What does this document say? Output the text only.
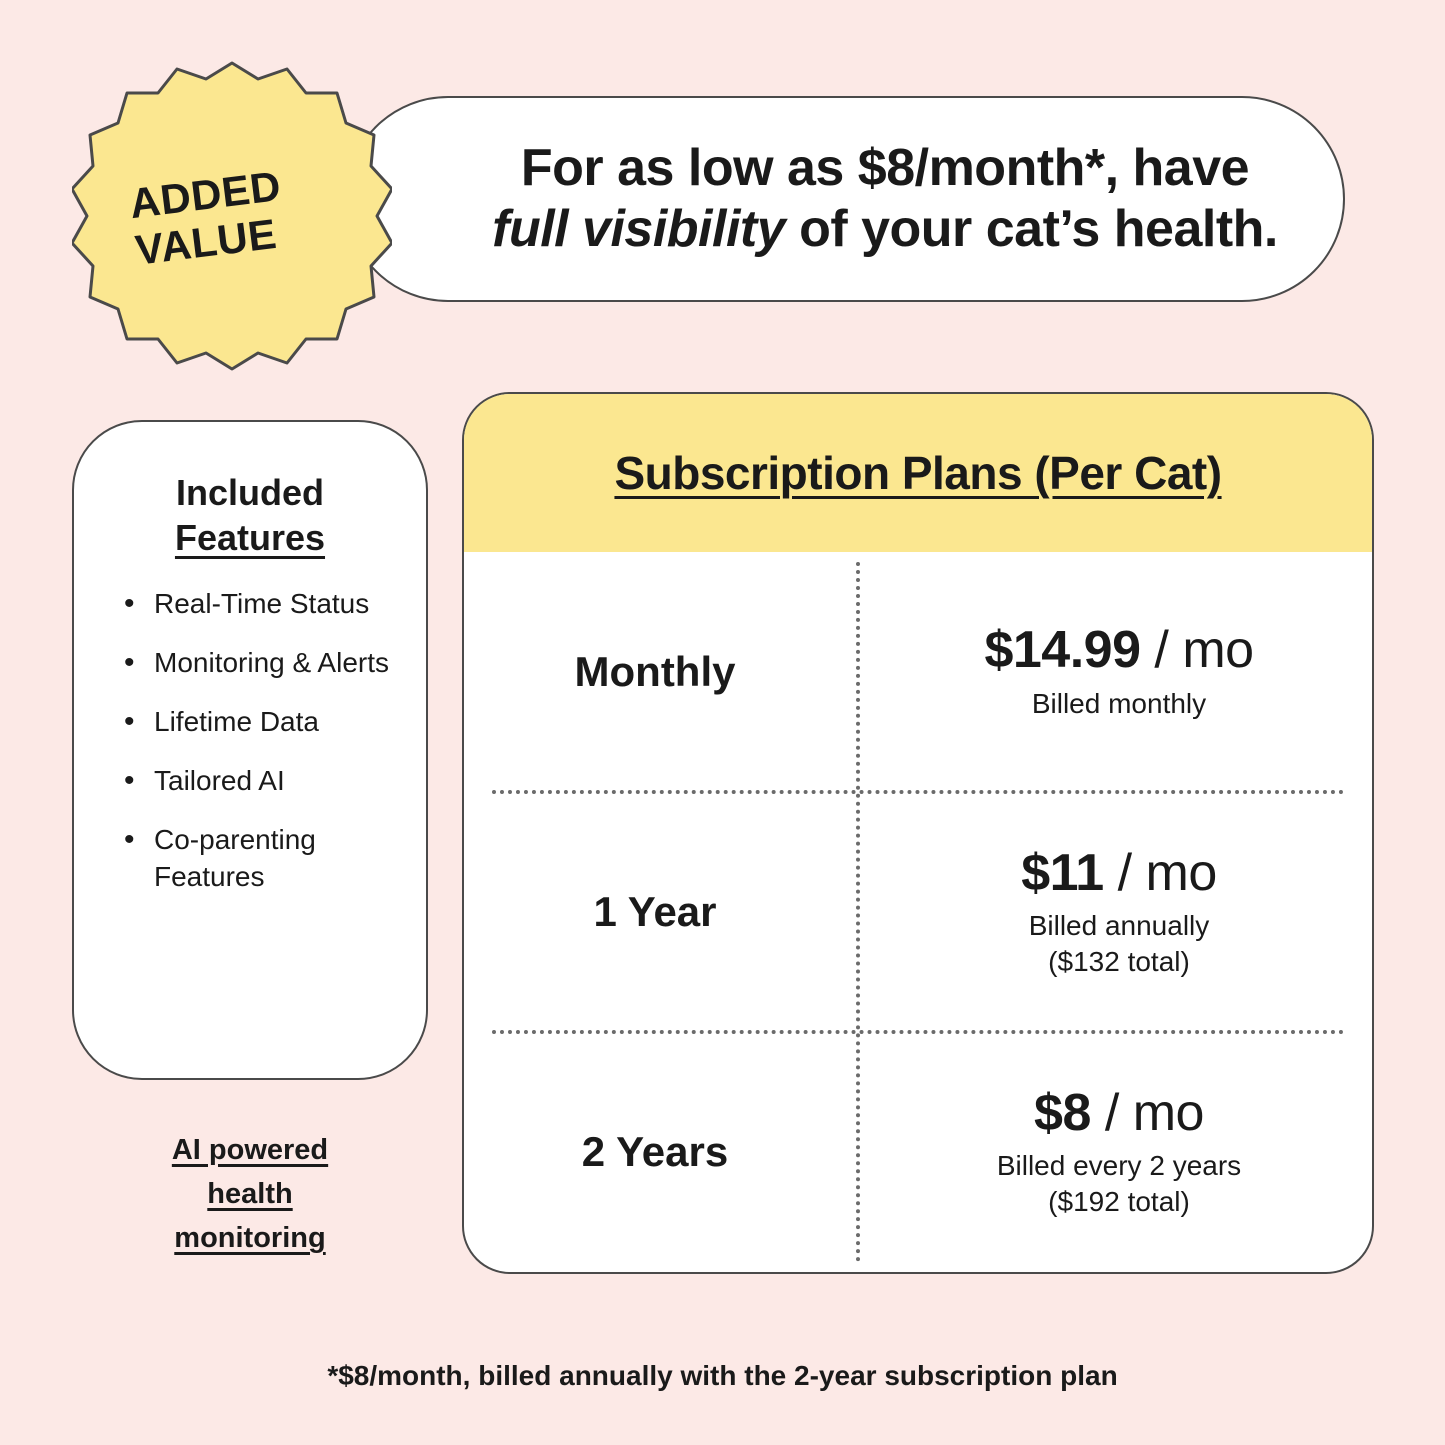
For as low as $8/month*, have
full visibility of your cat’s health.
ADDED
VALUE
Included
Features
• Real-Time Status
• Monitoring & Alerts
• Lifetime Data
• Tailored AI
• Co-parenting Features
AI powered
health
monitoring
Subscription Plans (Per Cat)
Monthly	$14.99 / mo
Billed monthly
1 Year
$11 / mo
Billed annually
($132 total)
2 Years
$8 / mo
Billed every 2 years
($192 total)
*$8/month, billed annually with the 2-year subscription plan
